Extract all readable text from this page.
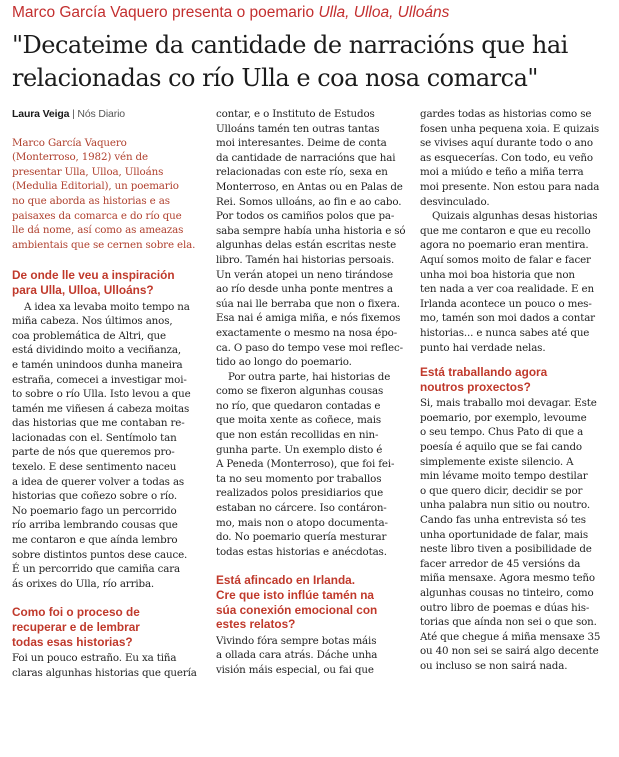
Marco García Vaquero presenta o poemario Ulla, Ulloa, Ulloáns
"Decateime da cantidade de narracións que hai
relacionadas co río Ulla e coa nosa comarca"
Laura Veiga | Nós Diario
Marco García Vaquero
(Monterroso, 1982) vén de
presentar Ulla, Ulloa, Ulloáns
(Medulia Editorial), un poemario
no que aborda as historias e as
paisaxes da comarca e do río que
lle dá nome, así como as ameazas
ambientais que se cernen sobre ela.
De onde lle veu a inspiración
para Ulla, Ulloa, Ulloáns?
A idea xa levaba moito tempo na
miña cabeza. Nos últimos anos,
coa problemática de Altri, que
está dividindo moito a veciñanza,
e tamén unindoos dunha maneira
estraña, comecei a investigar moi-
to sobre o río Ulla. Isto levou a que
tamén me viñesen á cabeza moitas
das historias que me contaban re-
lacionadas con el. Sentímolo tan
parte de nós que queremos pro-
texelo. E dese sentimento naceu
a idea de querer volver a todas as
historias que coñezo sobre o río.
No poemario fago un percorrido
río arriba lembrando cousas que
me contaron e que aínda lembro
sobre distintos puntos dese cauce.
É un percorrido que camiña cara
ás orixes do Ulla, río arriba.
Como foi o proceso de
recuperar e de lembrar
todas esas historias?
Foi un pouco estraño. Eu xa tiña
claras algunhas historias que quería
contar, e o Instituto de Estudos
Ulloáns tamén ten outras tantas
moi interesantes. Deime de conta
da cantidade de narracións que hai
relacionadas con este río, sexa en
Monterroso, en Antas ou en Palas de
Rei. Somos ulloáns, ao fin e ao cabo.
Por todos os camiños polos que pa-
saba sempre había unha historia e só
algunhas delas están escritas neste
libro. Tamén hai historias persoais.
Un verán atopei un neno tirándose
ao río desde unha ponte mentres a
súa nai lle berraba que non o fixera.
Esa nai é amiga miña, e nós fixemos
exactamente o mesmo na nosa épo-
ca. O paso do tempo vese moi reflec-
tido ao longo do poemario.
Por outra parte, hai historias de
como se fixeron algunhas cousas
no río, que quedaron contadas e
que moita xente as coñece, mais
que non están recollidas en nin-
gunha parte. Un exemplo disto é
A Peneda (Monterroso), que foi fei-
ta no seu momento por traballos
realizados polos presidiarios que
estaban no cárcere. Iso contáron-
mo, mais non o atopo documenta-
do. No poemario quería mesturar
todas estas historias e anécdotas.
Está afincado en Irlanda.
Cre que isto inflúe tamén na
súa conexión emocional con
estes relatos?
Vivindo fóra sempre botas máis
a ollada cara atrás. Dáche unha
visión máis especial, ou fai que
gardes todas as historias como se
fosen unha pequena xoia. E quizais
se vivises aquí durante todo o ano
as esquecerías. Con todo, eu veño
moi a miúdo e teño a miña terra
moi presente. Non estou para nada
desvinculado.
Quizais algunhas desas historias
que me contaron e que eu recollo
agora no poemario eran mentira.
Aquí somos moito de falar e facer
unha moi boa historia que non
ten nada a ver coa realidade. E en
Irlanda acontece un pouco o mes-
mo, tamén son moi dados a contar
historias... e nunca sabes até que
punto hai verdade nelas.
Está traballando agora
noutros proxectos?
Si, mais traballo moi devagar. Este
poemario, por exemplo, levoume
o seu tempo. Chus Pato di que a
poesía é aquilo que se fai cando
simplemente existe silencio. A
min lévame moito tempo destilar
o que quero dicir, decidir se por
unha palabra nun sitio ou noutro.
Cando fas unha entrevista só tes
unha oportunidade de falar, mais
neste libro tiven a posibilidade de
facer arredor de 45 versións da
miña mensaxe. Agora mesmo teño
algunhas cousas no tinteiro, como
outro libro de poemas e dúas his-
torias que aínda non sei o que son.
Até que chegue á miña mensaxe 35
ou 40 non sei se sairá algo decente
ou incluso se non sairá nada.
